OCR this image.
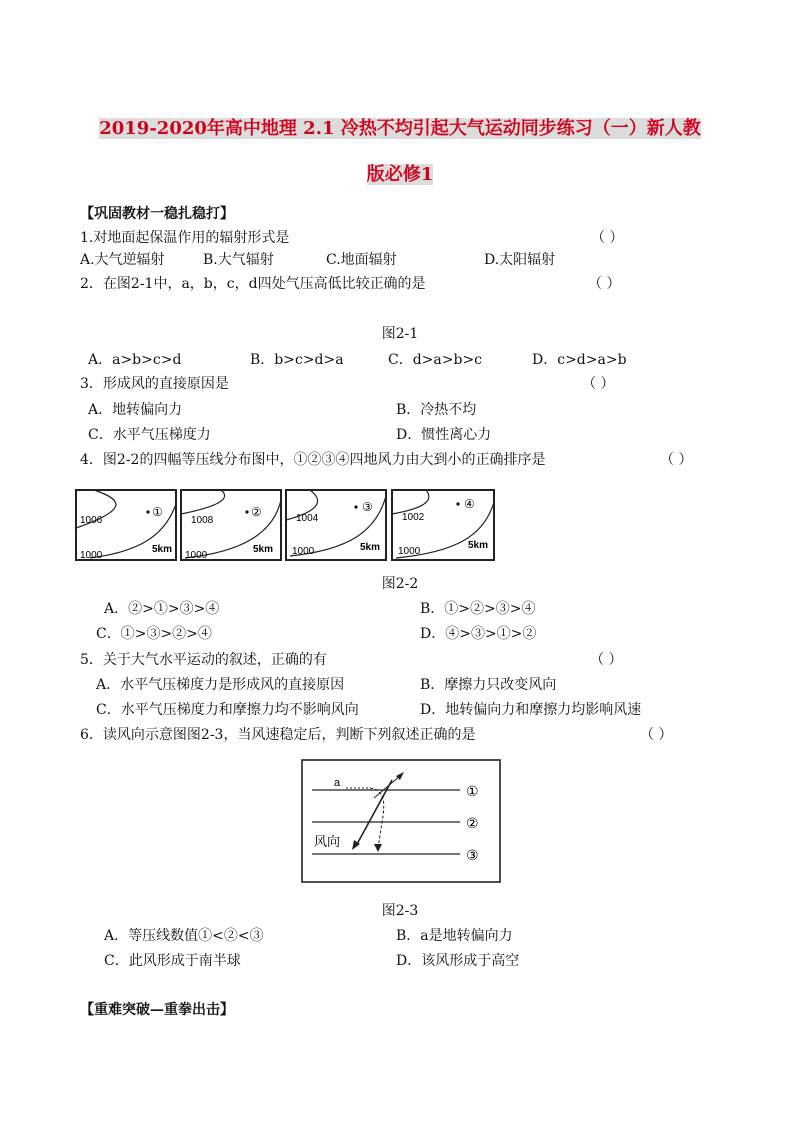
2019-2020年高中地理 2.1 冷热不均引起大气运动同步练习（一）新人教
版必修1
【巩固教材一稳扎稳打】
1.对地面起保温作用的辐射形式是	（ ）
A.大气逆辐射	B.大气辐射	C.地面辐射	D.太阳辐射
2．在图2-1中，a，b，c，d四处气压高低比较正确的是	（ ）
图2-1
A．a>b>c>d	B．b>c>d>a	C．d>a>b>c	D．c>d>a>b
3．形成风的直接原因是	（ ）
A．地转偏向力	B．冷热不均
C．水平气压梯度力	D．惯性离心力
4．图2-2的四幅等压线分布图中，①②③④四地风力由大到小的正确排序是	（ ）
1006
①
1000
5km
1008
②
1000
5km
1004
③
1000	5km
1002
④
1000
5km
图2-2
A．②>①>③>④	B．①>②>③>④
C．①>③>②>④	D．④>③>①>②
5．关于大气水平运动的叙述，正确的有	（ ）
A．水平气压梯度力是形成风的直接原因	B．摩擦力只改变风向
C．水平气压梯度力和摩擦力均不影响风向	D．地转偏向力和摩擦力均影响风速
6．读风向示意图图2-3，当风速稳定后，判断下列叙述正确的是	（ ）
①
②
③
a
风向
图2-3
A．等压线数值①<②<③	B．a是地转偏向力
C．此风形成于南半球	D．该风形成于高空
【重难突破—重拳出击】
